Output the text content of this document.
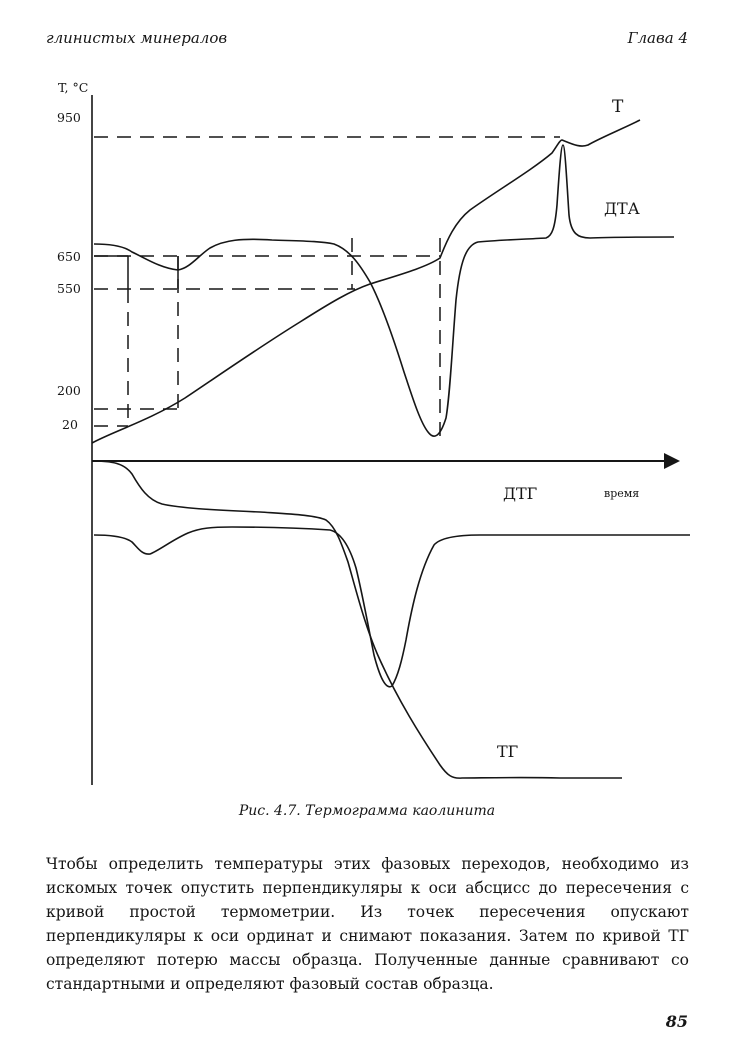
глинистых минералов	Глава 4
T, °C
950
650
550
200
20
T
ДТА
ДТГ	время
ТГ
Рис. 4.7. Термограмма каолинита
Чтобы определить температуры этих фазовых переходов, необходимо из искомых точек опустить перпендикуляры к оси абсцисс до пересечения с кривой простой термометрии. Из точек пересечения опускают перпендикуляры к оси ординат и снимают показания. Затем по кривой ТГ определяют потерю массы образца. Полученные данные сравнивают со стандартными и определяют фазовый состав образца.
85
